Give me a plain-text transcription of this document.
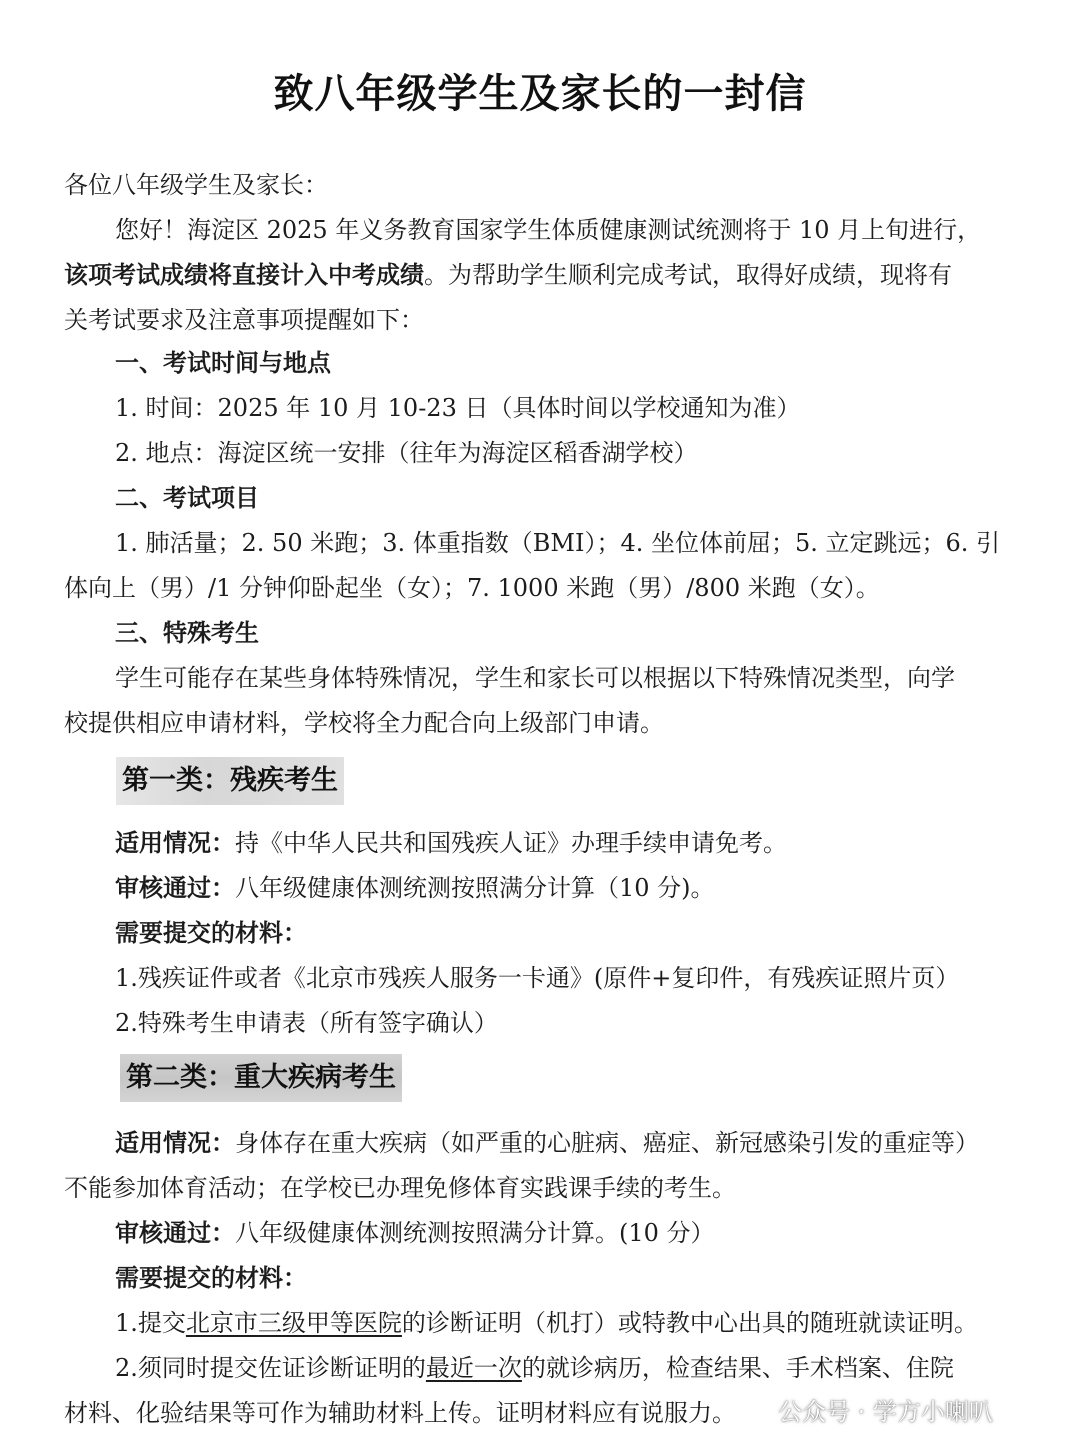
致八年级学生及家长的一封信
各位八年级学生及家长：
您好！海淀区 2025 年义务教育国家学生体质健康测试统测将于 10 月上旬进行，
该项考试成绩将直接计入中考成绩。为帮助学生顺利完成考试，取得好成绩，现将有
关考试要求及注意事项提醒如下：
一、考试时间与地点
1. 时间：2025 年 10 月 10-23 日（具体时间以学校通知为准）
2. 地点：海淀区统一安排（往年为海淀区稻香湖学校）
二、考试项目
1. 肺活量；2. 50 米跑；3. 体重指数（BMI）；4. 坐位体前屈；5. 立定跳远；6. 引
体向上（男）/1 分钟仰卧起坐（女）；7. 1000 米跑（男）/800 米跑（女）。
三、特殊考生
学生可能存在某些身体特殊情况，学生和家长可以根据以下特殊情况类型，向学
校提供相应申请材料，学校将全力配合向上级部门申请。
第一类：残疾考生
适用情况：持《中华人民共和国残疾人证》办理手续申请免考。
审核通过：八年级健康体测统测按照满分计算（10 分)。
需要提交的材料：
1.残疾证件或者《北京市残疾人服务一卡通》(原件+复印件，有残疾证照片页）
2.特殊考生申请表（所有签字确认）
第二类：重大疾病考生
适用情况：身体存在重大疾病（如严重的心脏病、癌症、新冠感染引发的重症等）
不能参加体育活动；在学校已办理免修体育实践课手续的考生。
审核通过：八年级健康体测统测按照满分计算。(10 分）
需要提交的材料：
1.提交北京市三级甲等医院的诊断证明（机打）或特教中心出具的随班就读证明。
2.须同时提交佐证诊断证明的最近一次的就诊病历，检查结果、手术档案、住院
材料、化验结果等可作为辅助材料上传。证明材料应有说服力。	公众号 · 学方小喇叭
